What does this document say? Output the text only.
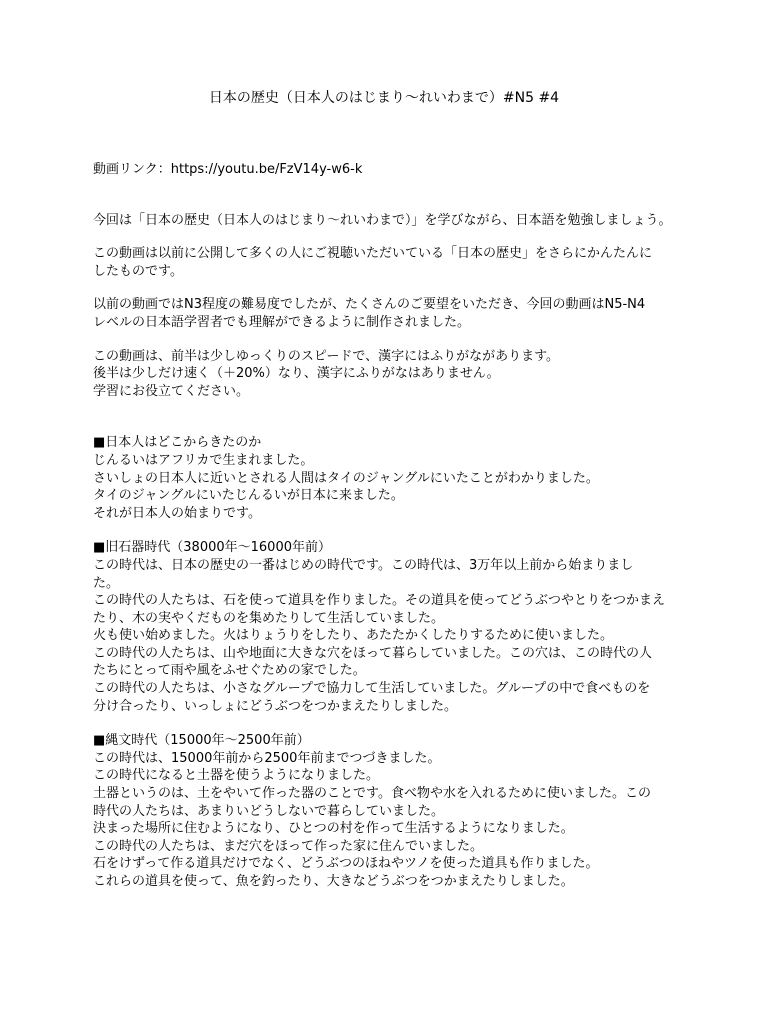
日本の歴史（日本人のはじまり〜れいわまで）#N5 #4
動画リンク：https://youtu.be/FzV14y-w6-k
今回は「日本の歴史（日本人のはじまり〜れいわまで）」を学びながら、日本語を勉強しましょう。
この動画は以前に公開して多くの人にご視聴いただいている「日本の歴史」をさらにかんたんに
したものです。
以前の動画ではN3程度の難易度でしたが、たくさんのご要望をいただき、今回の動画はN5-N4
レベルの日本語学習者でも理解ができるように制作されました。
この動画は、前半は少しゆっくりのスピードで、漢字にはふりがながあります。
後半は少しだけ速く（＋20%）なり、漢字にふりがなはありません。
学習にお役立てください。
■日本人はどこからきたのか
じんるいはアフリカで生まれました。
さいしょの日本人に近いとされる人間はタイのジャングルにいたことがわかりました。
タイのジャングルにいたじんるいが日本に来ました。
それが日本人の始まりです。
■旧石器時代（38000年〜16000年前）
この時代は、日本の歴史の一番はじめの時代です。この時代は、3万年以上前から始まりまし
た。
この時代の人たちは、石を使って道具を作りました。その道具を使ってどうぶつやとりをつかまえ
たり、木の実やくだものを集めたりして生活していました。
火も使い始めました。火はりょうりをしたり、あたたかくしたりするために使いました。
この時代の人たちは、山や地面に大きな穴をほって暮らしていました。この穴は、この時代の人
たちにとって雨や風をふせぐための家でした。
この時代の人たちは、小さなグループで協力して生活していました。グループの中で食べものを
分け合ったり、いっしょにどうぶつをつかまえたりしました。
■縄文時代（15000年〜2500年前）
この時代は、15000年前から2500年前までつづきました。
この時代になると土器を使うようになりました。
土器というのは、土をやいて作った器のことです。食べ物や水を入れるために使いました。この
時代の人たちは、あまりいどうしないで暮らしていました。
決まった場所に住むようになり、ひとつの村を作って生活するようになりました。
この時代の人たちは、まだ穴をほって作った家に住んでいました。
石をけずって作る道具だけでなく、どうぶつのほねやツノを使った道具も作りました。
これらの道具を使って、魚を釣ったり、大きなどうぶつをつかまえたりしました。
